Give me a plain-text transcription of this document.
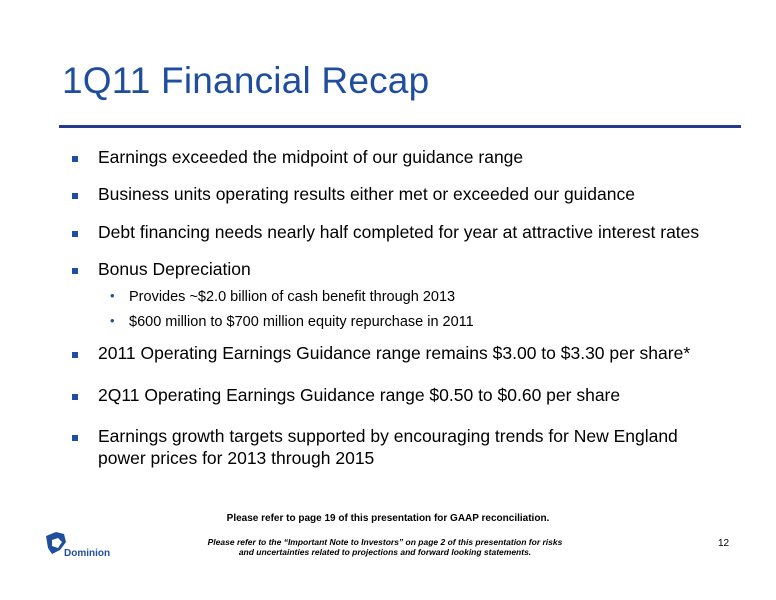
1Q11 Financial Recap
Earnings exceeded the midpoint of our guidance range
Business units operating results either met or exceeded our guidance
Debt financing needs nearly half completed for year at attractive interest rates
Bonus Depreciation
• Provides ~$2.0 billion of cash benefit through 2013
• $600 million to $700 million equity repurchase in 2011
2011 Operating Earnings Guidance range remains $3.00 to $3.30 per share*
2Q11 Operating Earnings Guidance range $0.50 to $0.60 per share
Earnings growth targets supported by encouraging trends for New England
power prices for 2013 through 2015
Dominion
Please refer to page 19 of this presentation for GAAP reconciliation.
Please refer to the “Important Note to Investors” on page 2 of this presentation for risks
and uncertainties related to projections and forward looking statements.
12
